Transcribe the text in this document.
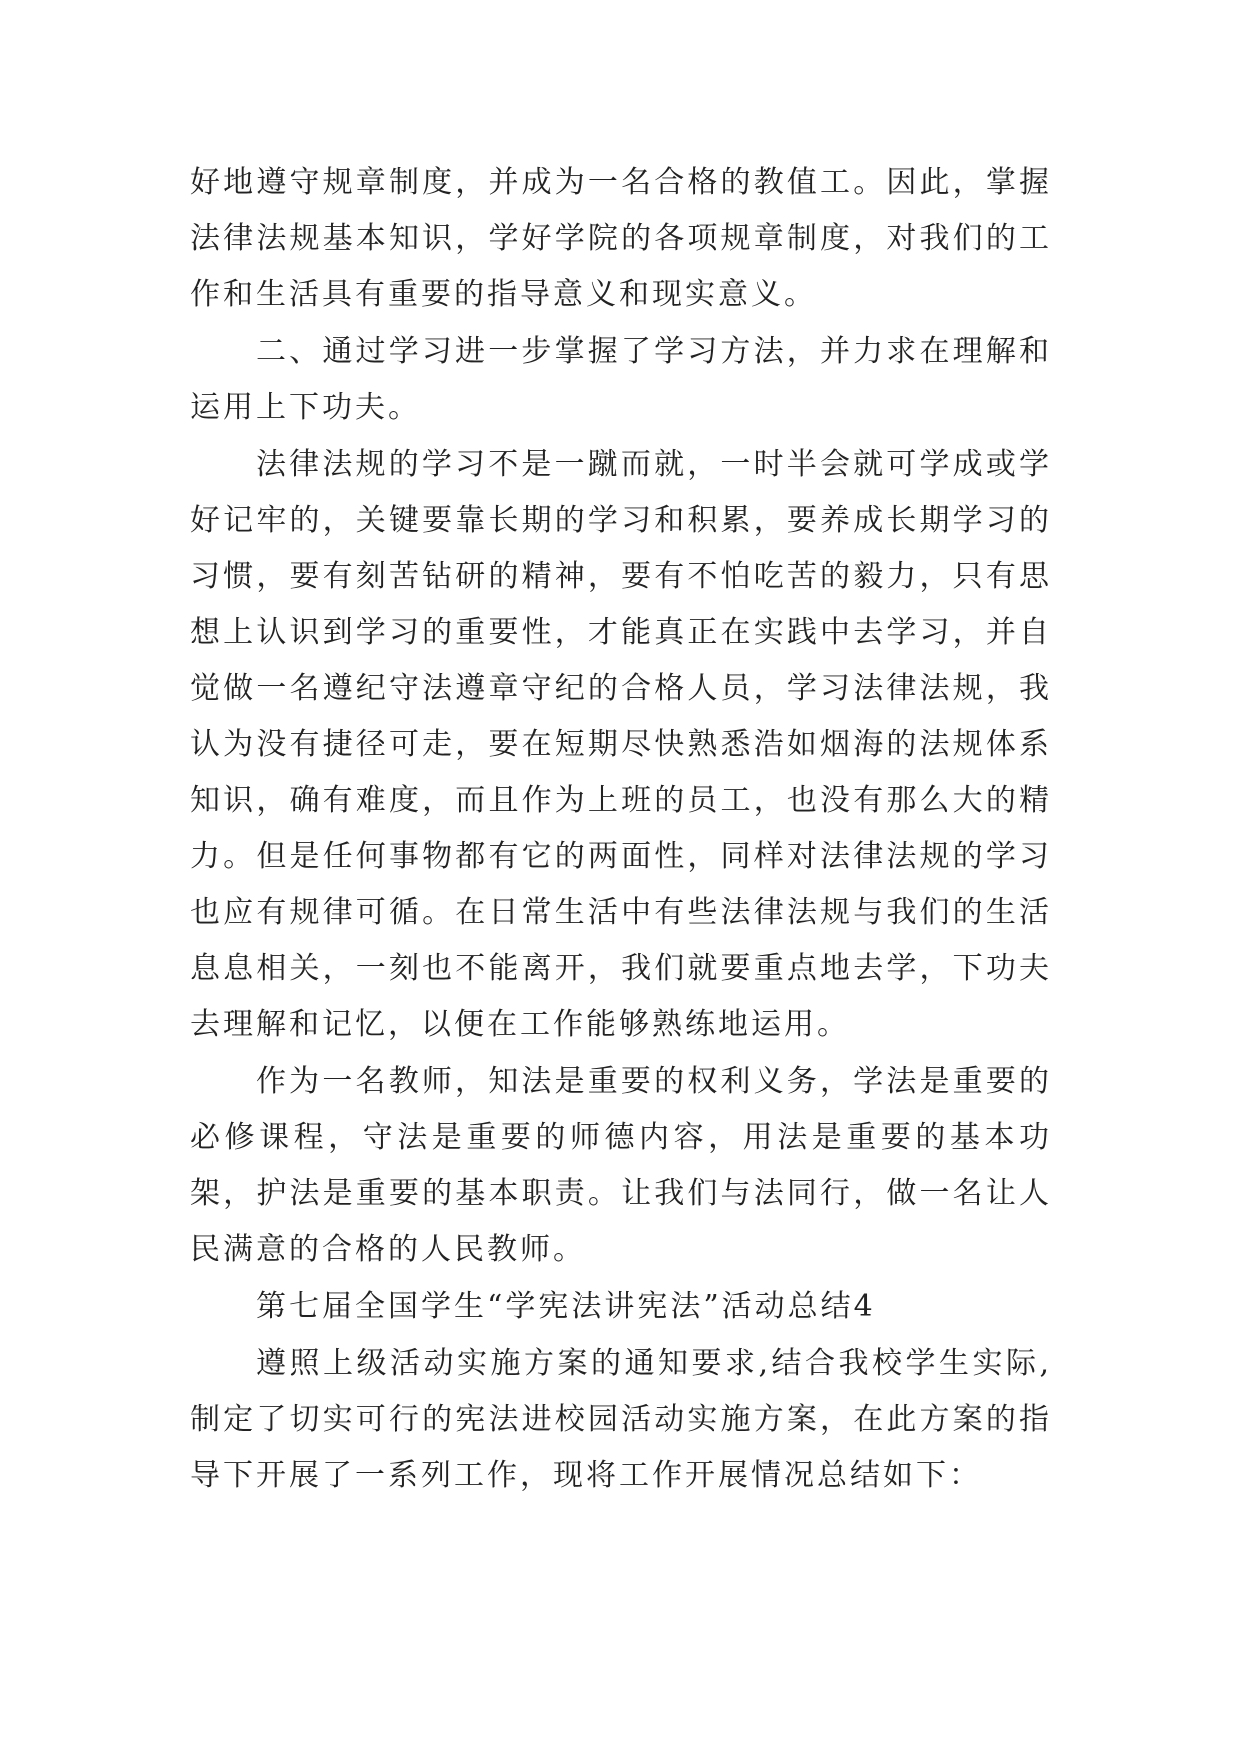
好地遵守规章制度，并成为一名合格的教值工。因此，掌握法律法规基本知识，学好学院的各项规章制度，对我们的工作和生活具有重要的指导意义和现实意义。

二、通过学习进一步掌握了学习方法，并力求在理解和运用上下功夫。

法律法规的学习不是一蹴而就，一时半会就可学成或学好记牢的，关键要靠长期的学习和积累，要养成长期学习的习惯，要有刻苦钻研的精神，要有不怕吃苦的毅力，只有思想上认识到学习的重要性，才能真正在实践中去学习，并自觉做一名遵纪守法遵章守纪的合格人员，学习法律法规，我认为没有捷径可走，要在短期尽快熟悉浩如烟海的法规体系知识，确有难度，而且作为上班的员工，也没有那么大的精力。但是任何事物都有它的两面性，同样对法律法规的学习也应有规律可循。在日常生活中有些法律法规与我们的生活息息相关，一刻也不能离开，我们就要重点地去学，下功夫去理解和记忆，以便在工作能够熟练地运用。

作为一名教师，知法是重要的权利义务，学法是重要的必修课程，守法是重要的师德内容，用法是重要的基本功架，护法是重要的基本职责。让我们与法同行，做一名让人民满意的合格的人民教师。

第七届全国学生“学宪法讲宪法”活动总结4

遵照上级活动实施方案的通知要求,结合我校学生实际,制定了切实可行的宪法进校园活动实施方案，在此方案的指导下开展了一系列工作，现将工作开展情况总结如下：
